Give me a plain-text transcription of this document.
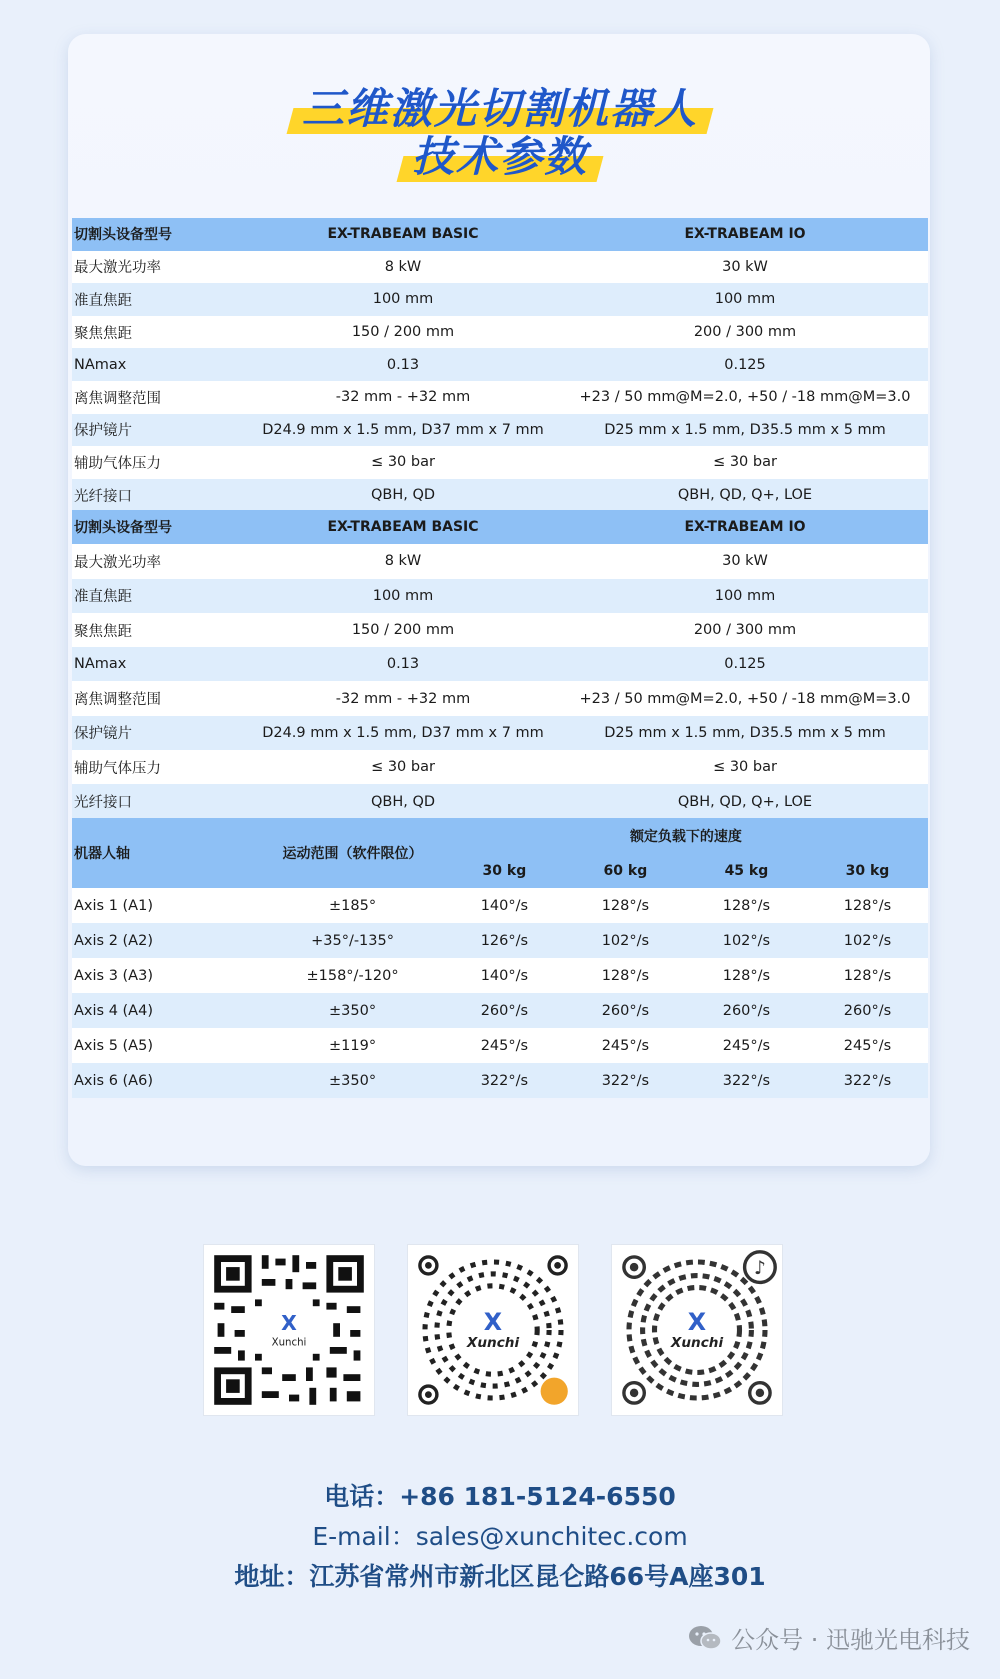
三维激光切割机器人
技术参数
切割头设备型号	EX-TRABEAM BASIC	EX-TRABEAM IO
最大激光功率	8 kW	30 kW
准直焦距	100 mm	100 mm
聚焦焦距	150 / 200 mm	200 / 300 mm
NAmax	0.13	0.125
离焦调整范围	-32 mm - +32 mm	+23 / 50 mm@M=2.0, +50 / -18 mm@M=3.0
保护镜片	D24.9 mm x 1.5 mm, D37 mm x 7 mm	D25 mm x 1.5 mm, D35.5 mm x 5 mm
辅助气体压力	≤ 30 bar	≤ 30 bar
光纤接口	QBH, QD	QBH, QD, Q+, LOE
切割头设备型号	EX-TRABEAM BASIC	EX-TRABEAM IO
最大激光功率	8 kW	30 kW
准直焦距	100 mm	100 mm
聚焦焦距	150 / 200 mm	200 / 300 mm
NAmax	0.13	0.125
离焦调整范围	-32 mm - +32 mm	+23 / 50 mm@M=2.0, +50 / -18 mm@M=3.0
保护镜片	D24.9 mm x 1.5 mm, D37 mm x 7 mm	D25 mm x 1.5 mm, D35.5 mm x 5 mm
辅助气体压力	≤ 30 bar	≤ 30 bar
光纤接口	QBH, QD	QBH, QD, Q+, LOE
机器人轴	运动范围（软件限位）	额定负载下的速度			
		30 kg	60 kg	45 kg	30 kg
Axis 1 (A1)	±185°	140°/s	128°/s	128°/s	128°/s
Axis 2 (A2)	+35°/-135°	126°/s	102°/s	102°/s	102°/s
Axis 3 (A3)	±158°/-120°	140°/s	128°/s	128°/s	128°/s
Axis 4 (A4)	±350°	260°/s	260°/s	260°/s	260°/s
Axis 5 (A5)	±119°	245°/s	245°/s	245°/s	245°/s
Axis 6 (A6)	±350°	322°/s	322°/s	322°/s	322°/s
X
Xunchi
X
Xunchi
♪
X
Xunchi
电话：+86 181-5124-6550
E-mail：sales@xunchitec.com
地址：江苏省常州市新北区昆仑路66号A座301
公众号 · 迅驰光电科技
